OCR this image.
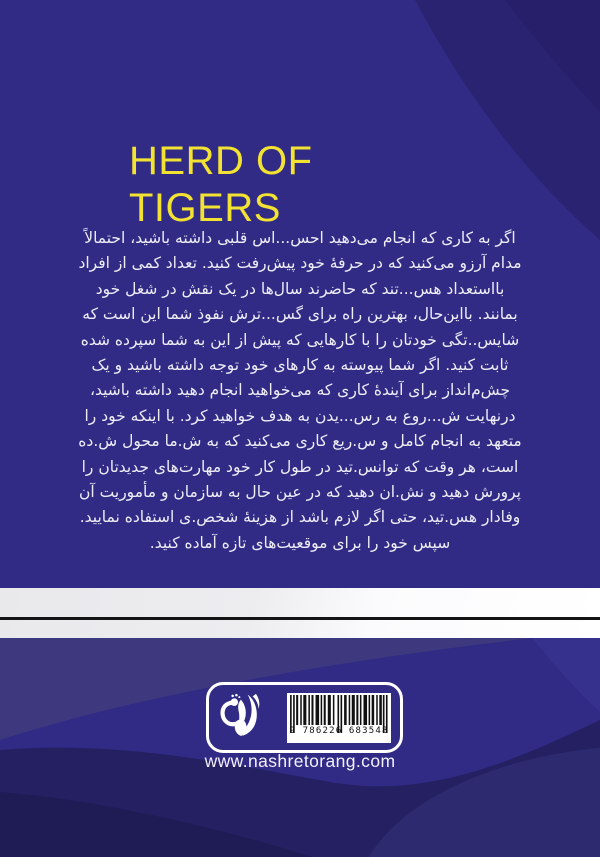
HERD OF
TIGERS
اگر به کاری که انجام می‌دهید احس...اس قلبی داشته باشید، احتمالاً
مدام آرزو می‌کنید که در حرفهٔ خود پیش‌رفت کنید. تعداد کمی از افراد
بااستعداد هس...تند که حاضرند سال‌ها در یک نقش در شغل خود
بمانند. بااین‌حال، بهترین راه برای گس...ترش نفوذ شما این است که
شایس..تگی خودتان را با کارهایی که پیش از این به شما سپرده شده
ثابت کنید. اگر شما پیوسته به کارهای خود توجه داشته باشید و یک
چش‌م‌انداز برای آیندهٔ کاری که می‌خواهید انجام دهید داشته باشید،
درنهایت ش...روع به رس...یدن به هدف خواهید کرد. با اینکه خود را
متعهد به انجام کامل و س.ریع کاری می‌کنید که به ش.ما محول ش.ده
است، هر وقت که توانس.تید در طول کار خود مهارت‌های جدیدتان را
پرورش دهید و نش.ان دهید که در عین حال به سازمان و مأموریت آن
وفادار هس.تید، حتی اگر لازم باشد از هزینهٔ شخص.ی استفاده نمایید.
سپس خود را برای موقعیت‌های تازه آماده کنید.
9 786226 683548
www.nashretorang.com
